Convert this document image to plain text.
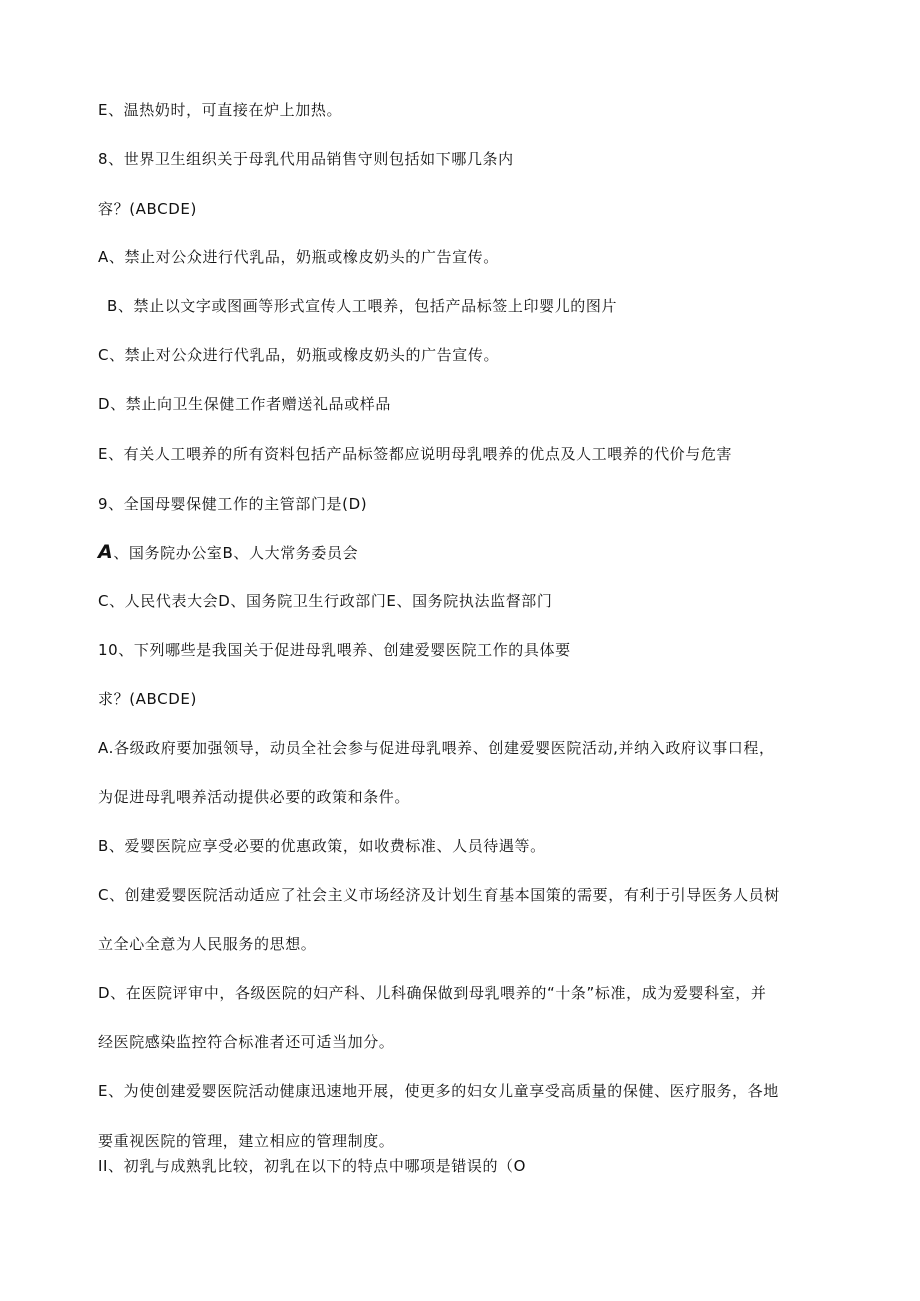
E、温热奶时，可直接在炉上加热。
8、世界卫生组织关于母乳代用品销售守则包括如下哪几条内
容？(ABCDE)
A、禁止对公众进行代乳品，奶瓶或橡皮奶头的广告宣传。
B、禁止以文字或图画等形式宣传人工喂养，包括产品标签上印婴儿的图片
C、禁止对公众进行代乳品，奶瓶或橡皮奶头的广告宣传。
D、禁止向卫生保健工作者赠送礼品或样品
E、有关人工喂养的所有资料包括产品标签都应说明母乳喂养的优点及人工喂养的代价与危害
9、全国母婴保健工作的主管部门是(D)
A、国务院办公室B、人大常务委员会
C、人民代表大会D、国务院卫生行政部门E、国务院执法监督部门
10、下列哪些是我国关于促进母乳喂养、创建爱婴医院工作的具体要
求？(ABCDE)
A.各级政府要加强领导，动员全社会参与促进母乳喂养、创建爱婴医院活动,并纳入政府议事口程，
为促进母乳喂养活动提供必要的政策和条件。
B、爱婴医院应享受必要的优惠政策，如收费标准、人员待遇等。
C、创建爱婴医院活动适应了社会主义市场经济及计划生育基本国策的需要，有利于引导医务人员树
立全心全意为人民服务的思想。
D、在医院评审中，各级医院的妇产科、儿科确保做到母乳喂养的“十条”标准，成为爱婴科室，并
经医院感染监控符合标准者还可适当加分。
E、为使创建爱婴医院活动健康迅速地开展，使更多的妇女儿童享受高质量的保健、医疗服务，各地
要重视医院的管理，建立相应的管理制度。
II、初乳与成熟乳比较，初乳在以下的特点中哪项是错误的（O
